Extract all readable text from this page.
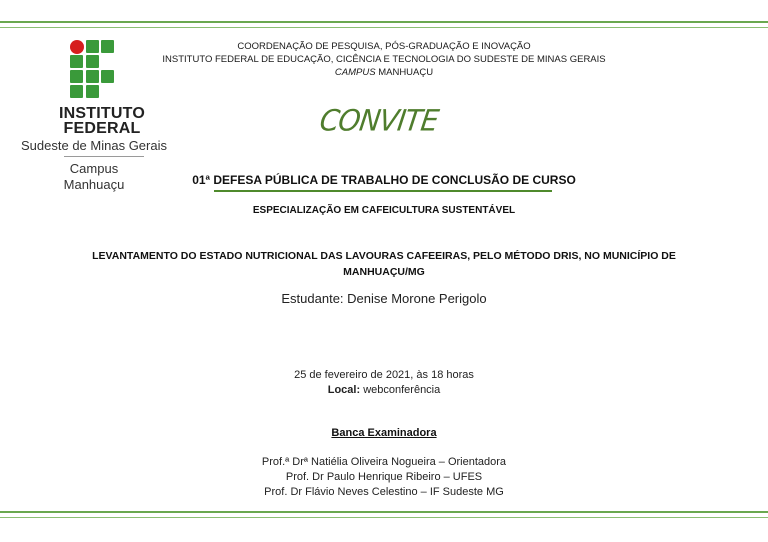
INSTITUTO
FEDERAL
Sudeste de Minas Gerais
Campus
Manhuaçu
COORDENAÇÃO DE PESQUISA, PÓS-GRADUAÇÃO E INOVAÇÃO
INSTITUTO FEDERAL DE EDUCAÇÃO, CICÊNCIA E TECNOLOGIA DO SUDESTE DE MINAS GERAIS
CAMPUS MANHUAÇU
CONVITE
01ª DEFESA PÚBLICA DE TRABALHO DE CONCLUSÃO DE CURSO
ESPECIALIZAÇÃO EM CAFEICULTURA SUSTENTÁVEL
LEVANTAMENTO DO ESTADO NUTRICIONAL DAS LAVOURAS CAFEEIRAS, PELO MÉTODO DRIS, NO MUNICÍPIO DE
MANHUAÇU/MG
Estudante: Denise Morone Perigolo
25 de fevereiro de 2021, às 18 horas
Local: webconferência
Banca Examinadora
Prof.ª Drª Natiélia Oliveira Nogueira – Orientadora
Prof. Dr Paulo Henrique Ribeiro – UFES
Prof. Dr Flávio Neves Celestino – IF Sudeste MG
